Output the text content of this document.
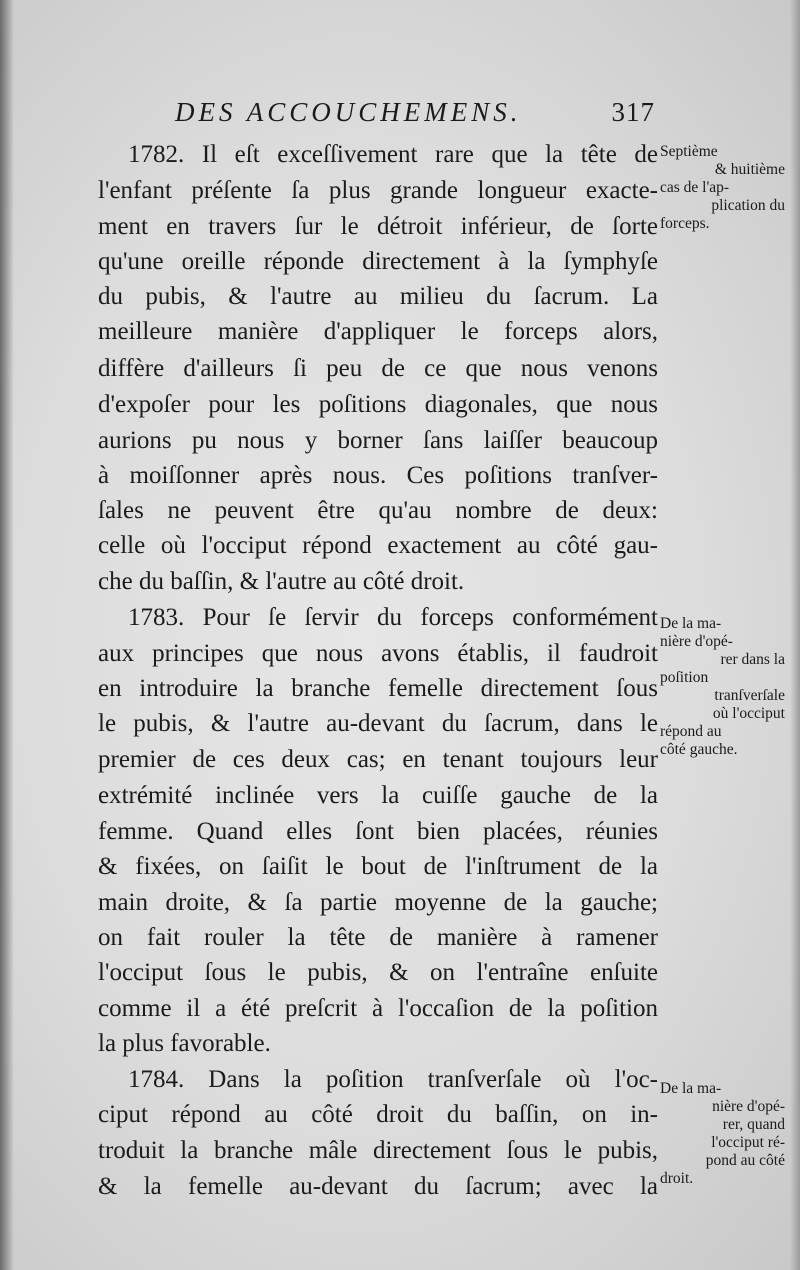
DES ACCOUCHEMENS.	317
1782. Il eſt exceſſivement rare que la tête de
l'enfant préſente ſa plus grande longueur exacte-
ment en travers ſur le détroit inférieur, de ſorte
qu'une oreille réponde directement à la ſymphyſe
du pubis, & l'autre au milieu du ſacrum. La
meilleure manière d'appliquer le forceps alors,
diffère d'ailleurs ſi peu de ce que nous venons
d'expoſer pour les poſitions diagonales, que nous
aurions pu nous y borner ſans laiſſer beaucoup
à moiſſonner après nous. Ces poſitions tranſver-
ſales ne peuvent être qu'au nombre de deux:
celle où l'occiput répond exactement au côté gau-
che du baſſin, & l'autre au côté droit.
1783. Pour ſe ſervir du forceps conformément
aux principes que nous avons établis, il faudroit
en introduire la branche femelle directement ſous
le pubis, & l'autre au-devant du ſacrum, dans le
premier de ces deux cas; en tenant toujours leur
extrémité inclinée vers la cuiſſe gauche de la
femme. Quand elles ſont bien placées, réunies
& fixées, on ſaiſit le bout de l'inſtrument de la
main droite, & ſa partie moyenne de la gauche;
on fait rouler la tête de manière à ramener
l'occiput ſous le pubis, & on l'entraîne enſuite
comme il a été preſcrit à l'occaſion de la poſition
la plus favorable.
1784. Dans la poſition tranſverſale où l'oc-
ciput répond au côté droit du baſſin, on in-
troduit la branche mâle directement ſous le pubis,
& la femelle au-devant du ſacrum; avec la
Septième
& huitième
cas de l'ap-
plication du
forceps.
De la ma-
nière d'opé-
rer dans la
poſition
tranſverſale
où l'occiput
répond au
côté gauche.
De la ma-
nière d'opé-
rer, quand
l'occiput ré-
pond au côté
droit.
